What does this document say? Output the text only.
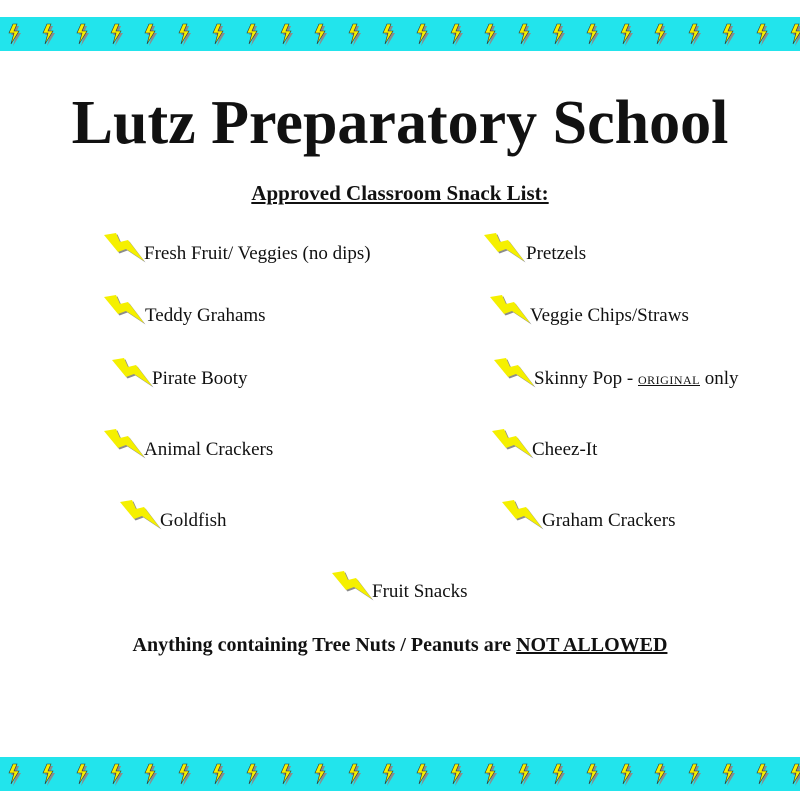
Lutz Preparatory School
Approved Classroom Snack List:
Fresh Fruit/ Veggies (no dips)	Pretzels
Teddy Grahams	Veggie Chips/Straws
Pirate Booty	Skinny Pop - ORIGINAL only
Animal Crackers	Cheez-It
Goldfish	Graham Crackers
Fruit Snacks
Anything containing Tree Nuts / Peanuts are NOT ALLOWED
